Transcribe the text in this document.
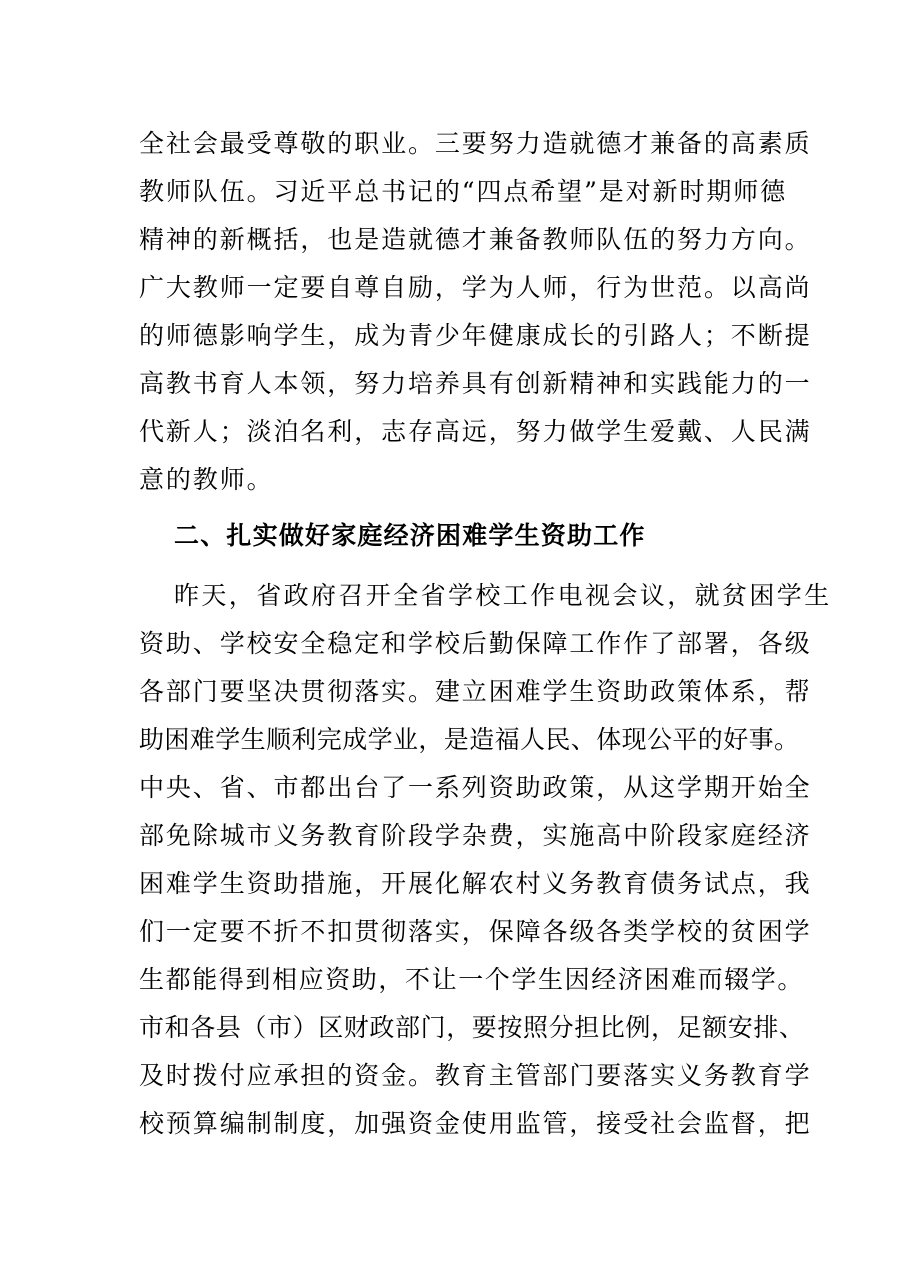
全社会最受尊敬的职业。三要努力造就德才兼备的高素质
教师队伍。习近平总书记的“四点希望”是对新时期师德
精神的新概括，也是造就德才兼备教师队伍的努力方向。
广大教师一定要自尊自励，学为人师，行为世范。以高尚
的师德影响学生，成为青少年健康成长的引路人；不断提
高教书育人本领，努力培养具有创新精神和实践能力的一
代新人；淡泊名利，志存高远，努力做学生爱戴、人民满
意的教师。
二、扎实做好家庭经济困难学生资助工作
昨天，省政府召开全省学校工作电视会议，就贫困学生
资助、学校安全稳定和学校后勤保障工作作了部署，各级
各部门要坚决贯彻落实。建立困难学生资助政策体系，帮
助困难学生顺利完成学业，是造福人民、体现公平的好事。
中央、省、市都出台了一系列资助政策，从这学期开始全
部免除城市义务教育阶段学杂费，实施高中阶段家庭经济
困难学生资助措施，开展化解农村义务教育债务试点，我
们一定要不折不扣贯彻落实，保障各级各类学校的贫困学
生都能得到相应资助，不让一个学生因经济困难而辍学。
市和各县（市）区财政部门，要按照分担比例，足额安排、
及时拨付应承担的资金。教育主管部门要落实义务教育学
校预算编制制度，加强资金使用监管，接受社会监督，把
